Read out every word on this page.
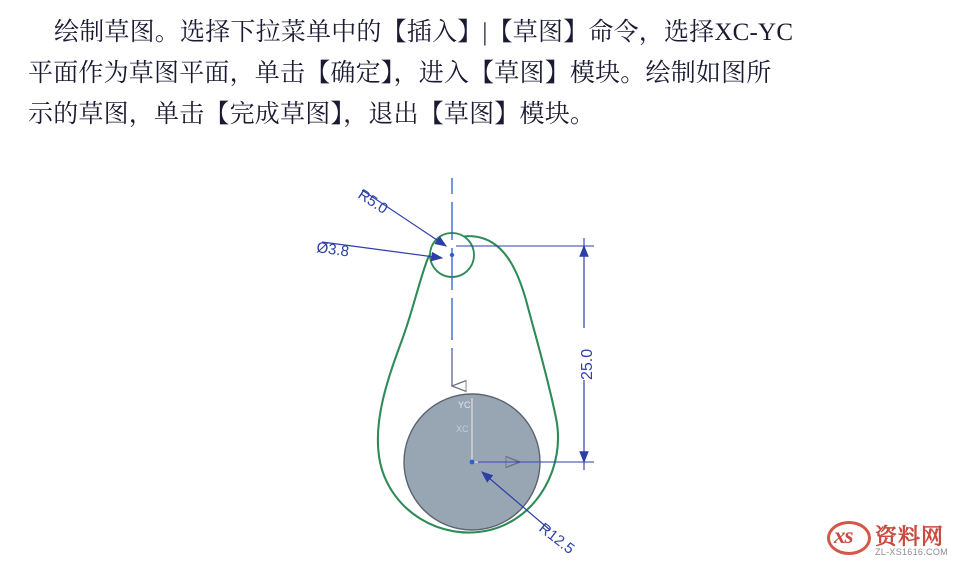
绘制草图。选择下拉菜单中的【插入】|【草图】命令，选择XC-YC
平面作为草图平面，单击【确定】，进入【草图】模块。绘制如图所
示的草图，单击【完成草图】，退出【草图】模块。
YC
XC
R5.0
Ø3.8
R12.5
25.0
xs 资料网
ZL-XS1616.COM
